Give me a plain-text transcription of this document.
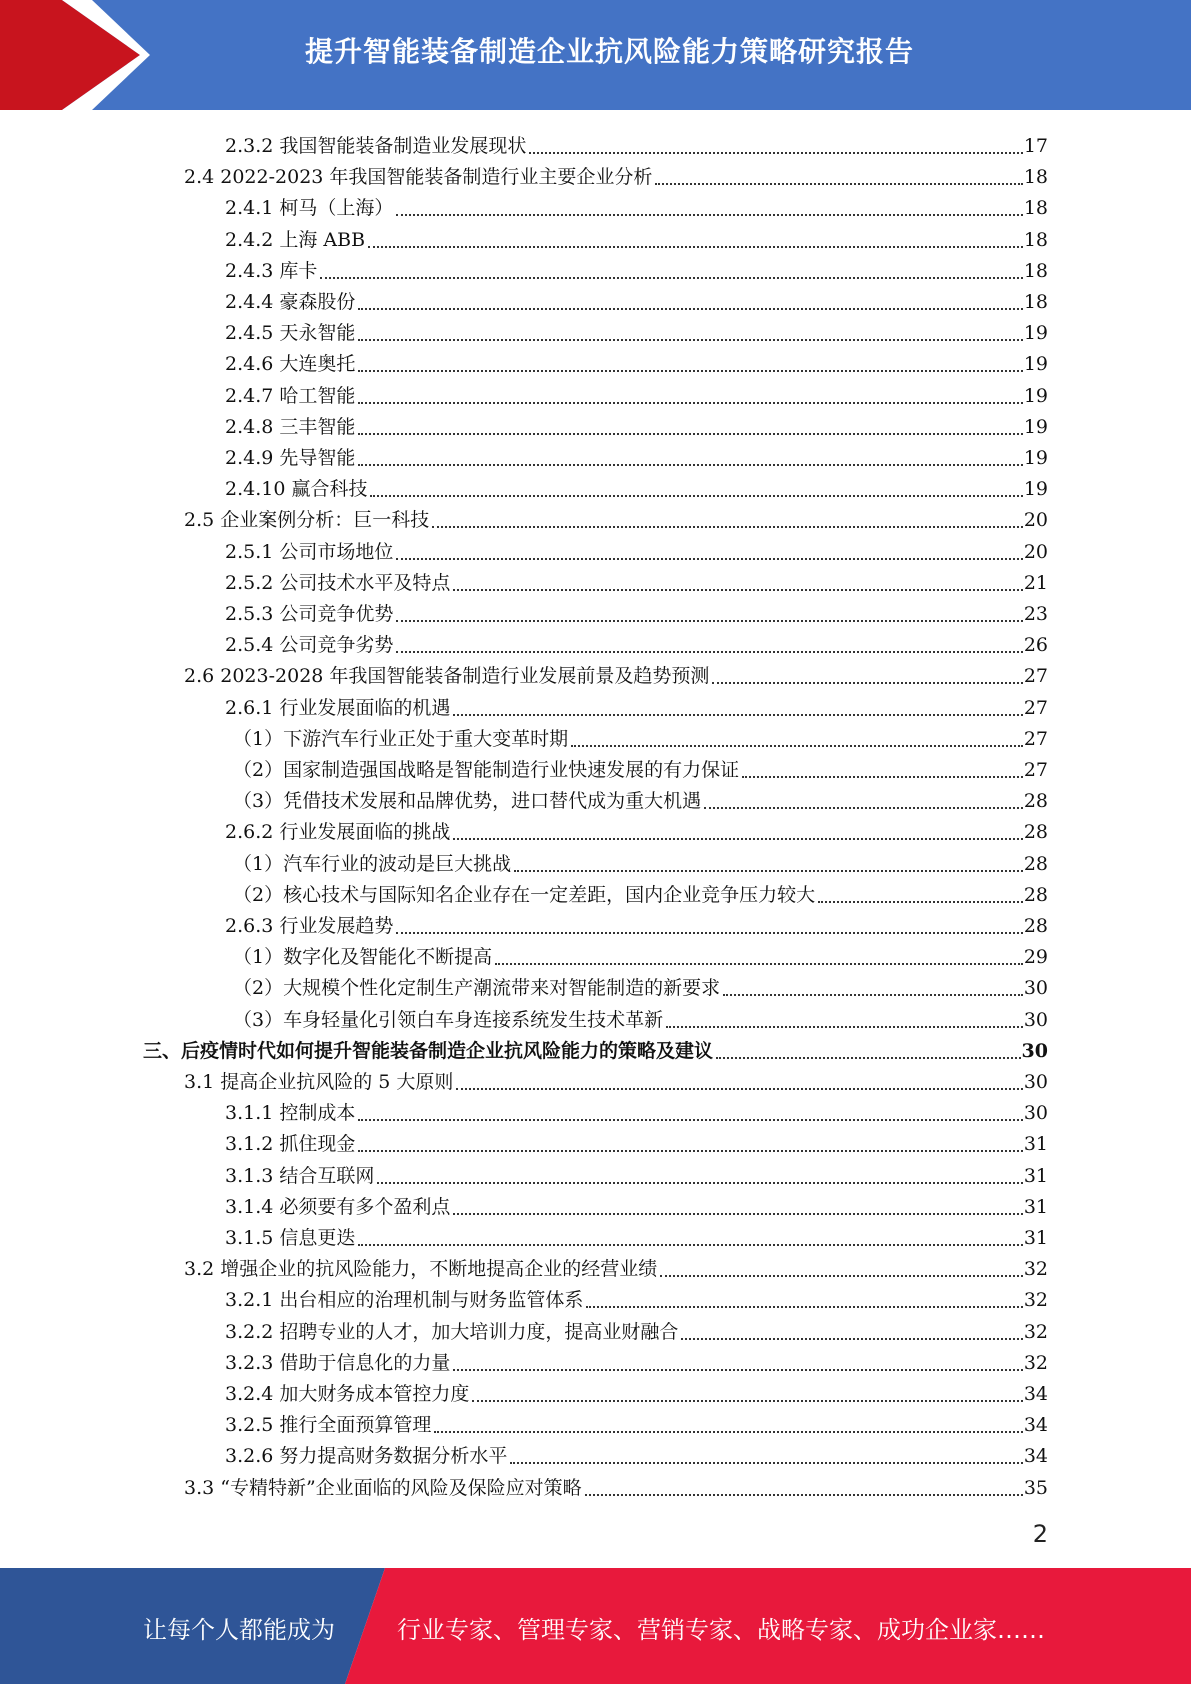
提升智能装备制造企业抗风险能力策略研究报告
2.3.2 我国智能装备制造业发展现状	17
2.4 2022-2023 年我国智能装备制造行业主要企业分析	18
2.4.1 柯马（上海）	18
2.4.2 上海 ABB	18
2.4.3 库卡	18
2.4.4 豪森股份	18
2.4.5 天永智能	19
2.4.6 大连奥托	19
2.4.7 哈工智能	19
2.4.8 三丰智能	19
2.4.9 先导智能	19
2.4.10 赢合科技	19
2.5 企业案例分析：巨一科技	20
2.5.1 公司市场地位	20
2.5.2 公司技术水平及特点	21
2.5.3 公司竞争优势	23
2.5.4 公司竞争劣势	26
2.6 2023-2028 年我国智能装备制造行业发展前景及趋势预测	27
2.6.1 行业发展面临的机遇	27
（1）下游汽车行业正处于重大变革时期	27
（2）国家制造强国战略是智能制造行业快速发展的有力保证	27
（3）凭借技术发展和品牌优势，进口替代成为重大机遇	28
2.6.2 行业发展面临的挑战	28
（1）汽车行业的波动是巨大挑战	28
（2）核心技术与国际知名企业存在一定差距，国内企业竞争压力较大	28
2.6.3 行业发展趋势	28
（1）数字化及智能化不断提高	29
（2）大规模个性化定制生产潮流带来对智能制造的新要求	30
（3）车身轻量化引领白车身连接系统发生技术革新	30
三、后疫情时代如何提升智能装备制造企业抗风险能力的策略及建议	30
3.1 提高企业抗风险的 5 大原则	30
3.1.1 控制成本	30
3.1.2 抓住现金	31
3.1.3 结合互联网	31
3.1.4 必须要有多个盈利点	31
3.1.5 信息更迭	31
3.2 增强企业的抗风险能力，不断地提高企业的经营业绩	32
3.2.1 出台相应的治理机制与财务监管体系	32
3.2.2 招聘专业的人才，加大培训力度，提高业财融合	32
3.2.3 借助于信息化的力量	32
3.2.4 加大财务成本管控力度	34
3.2.5 推行全面预算管理	34
3.2.6 努力提高财务数据分析水平	34
3.3 “专精特新”企业面临的风险及保险应对策略	35
2
让每个人都能成为	行业专家、管理专家、营销专家、战略专家、成功企业家……
